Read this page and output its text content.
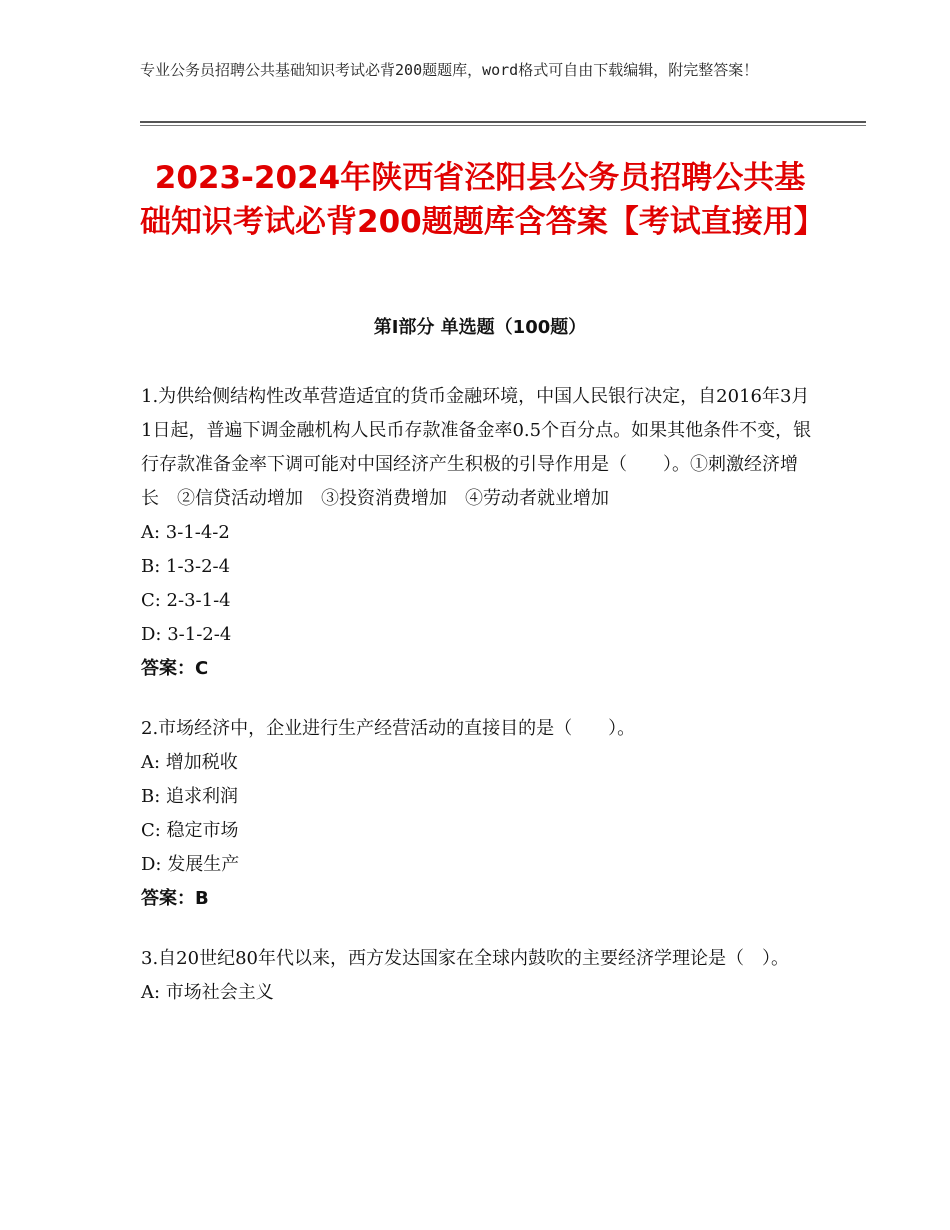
专业公务员招聘公共基础知识考试必背200题题库，word格式可自由下载编辑，附完整答案！
2023-2024年陕西省泾阳县公务员招聘公共基础知识考试必背200题题库含答案【考试直接用】
第Ⅰ部分 单选题（100题）

1.为供给侧结构性改革营造适宜的货币金融环境，中国人民银行决定，自2016年3月1日起，普遍下调金融机构人民币存款准备金率0.5个百分点。如果其他条件不变，银行存款准备金率下调可能对中国经济产生积极的引导作用是（　　）。①刺激经济增长　②信贷活动增加　③投资消费增加　④劳动者就业增加

A: 3-1-4-2
B: 1-3-2-4
C: 2-3-1-4
D: 3-1-2-4
答案：C

2.市场经济中，企业进行生产经营活动的直接目的是（　　）。

A: 增加税收
B: 追求利润
C: 稳定市场
D: 发展生产
答案：B

3.自20世纪80年代以来，西方发达国家在全球内鼓吹的主要经济学理论是（　）。

A: 市场社会主义
